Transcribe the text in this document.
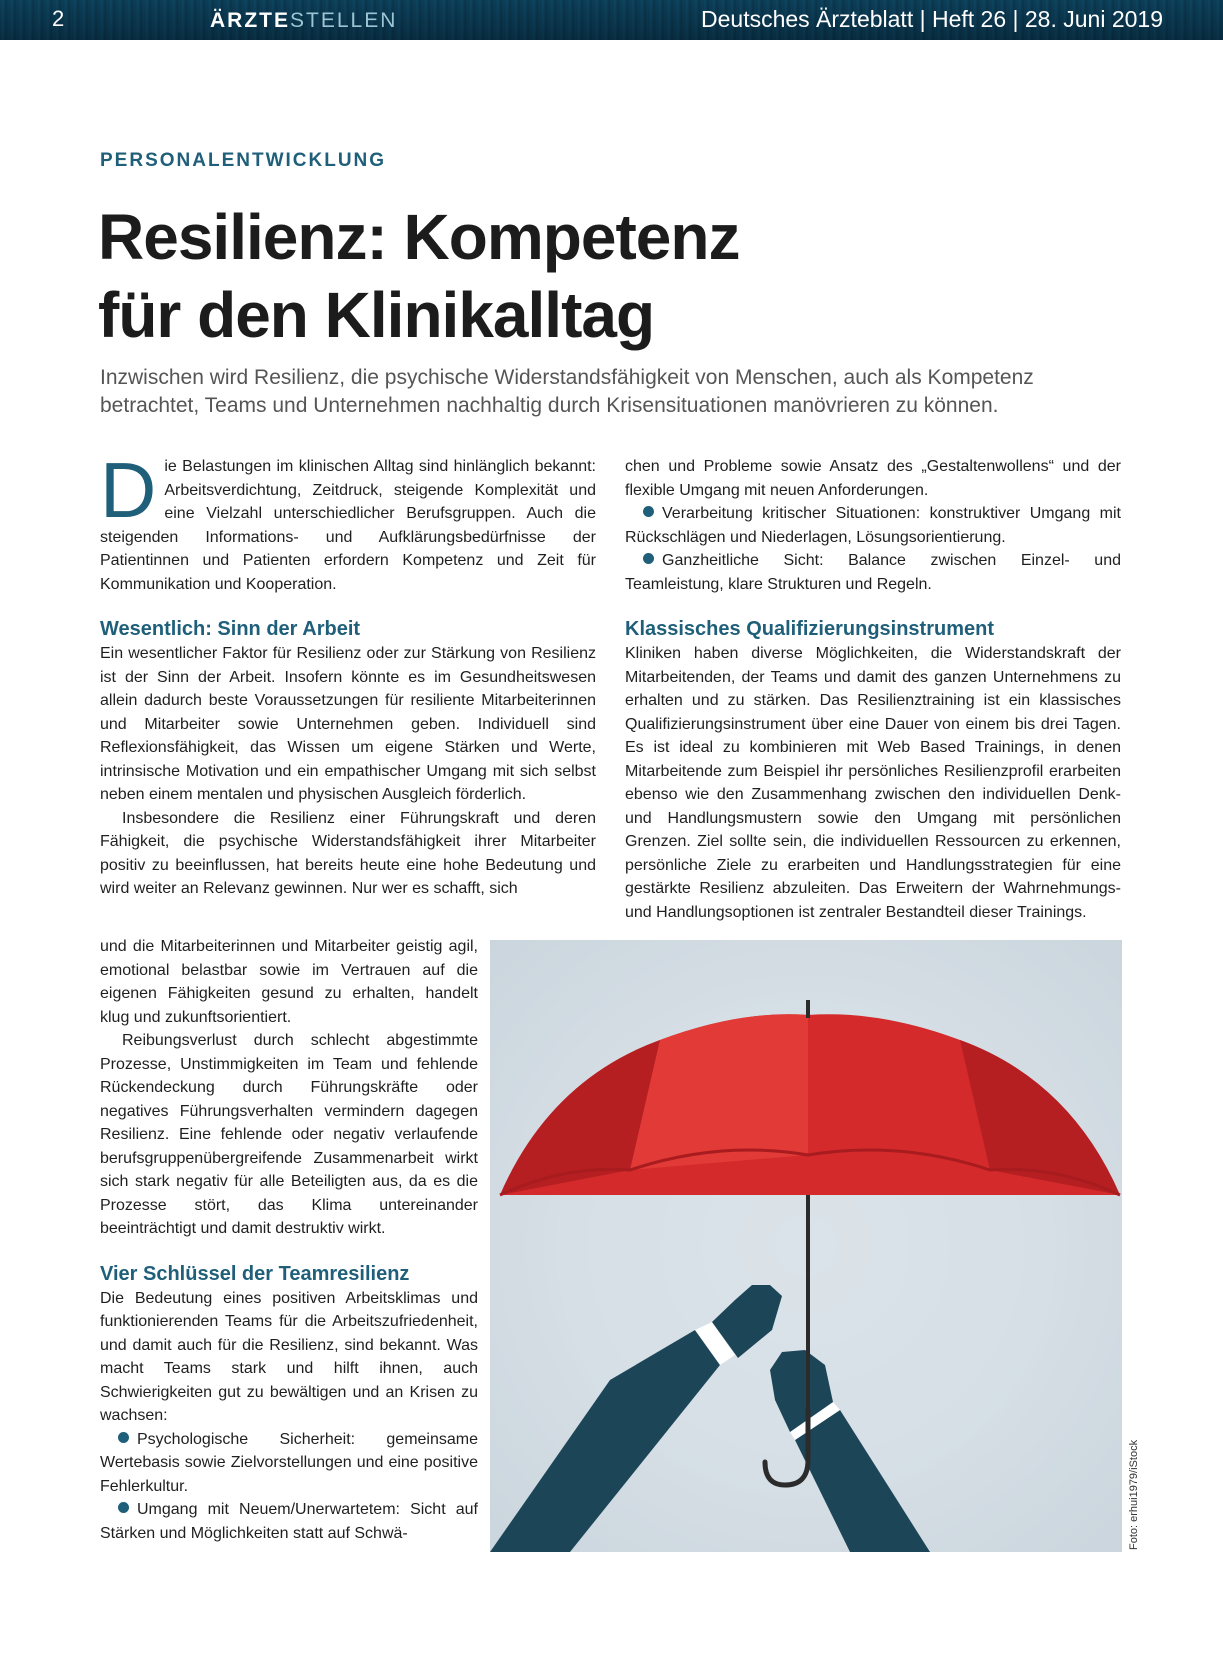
2	ÄRZTESTELLEN	Deutsches Ärzteblatt | Heft 26 | 28. Juni 2019
PERSONALENTWICKLUNG
Resilienz: Kompetenz
für den Klinikalltag
Inzwischen wird Resilienz, die psychische Widerstandsfähigkeit von Menschen, auch als Kompetenz betrachtet, Teams und Unternehmen nachhaltig durch Krisensituationen manövrieren zu können.

Die Belastungen im klinischen Alltag sind hinlänglich bekannt: Arbeitsverdichtung, Zeitdruck, steigende Komplexität und eine Vielzahl unterschiedlicher Berufsgruppen. Auch die steigenden Informations- und Aufklärungsbedürfnisse der Patientinnen und Patienten erfordern Kompetenz und Zeit für Kommunikation und Kooperation.

Wesentlich: Sinn der Arbeit

Ein wesentlicher Faktor für Resilienz oder zur Stärkung von Resilienz ist der Sinn der Arbeit. Insofern könnte es im Gesundheitswesen allein dadurch beste Voraussetzungen für resiliente Mitarbeiterinnen und Mitarbeiter sowie Unternehmen geben. Individuell sind Reflexionsfähigkeit, das Wissen um eigene Stärken und Werte, intrinsische Motivation und ein empathischer Umgang mit sich selbst neben einem mentalen und physischen Ausgleich förderlich.

Insbesondere die Resilienz einer Führungskraft und deren Fähigkeit, die psychische Widerstandsfähigkeit ihrer Mitarbeiter positiv zu beeinflussen, hat bereits heute eine hohe Bedeutung und wird weiter an Relevanz gewinnen. Nur wer es schafft, sich

chen und Probleme sowie Ansatz des „Gestaltenwollens“ und der flexible Umgang mit neuen Anforderungen.

Verarbeitung kritischer Situationen: konstruktiver Umgang mit Rückschlägen und Niederlagen, Lösungsorientierung.

Ganzheitliche Sicht: Balance zwischen Einzel- und Teamleistung, klare Strukturen und Regeln.

Klassisches Qualifizierungsinstrument

Kliniken haben diverse Möglichkeiten, die Widerstandskraft der Mitarbeitenden, der Teams und damit des ganzen Unternehmens zu erhalten und zu stärken. Das Resilienztraining ist ein klassisches Qualifizierungsinstrument über eine Dauer von einem bis drei Tagen. Es ist ideal zu kombinieren mit Web Based Trainings, in denen Mitarbeitende zum Beispiel ihr persönliches Resilienzprofil erarbeiten ebenso wie den Zusammenhang zwischen den individuellen Denk- und Handlungsmustern sowie den Umgang mit persönlichen Grenzen. Ziel sollte sein, die individuellen Ressourcen zu erkennen, persönliche Ziele zu erarbeiten und Handlungsstrategien für eine gestärkte Resilienz abzuleiten. Das Erweitern der Wahrnehmungs- und Handlungsoptionen ist zentraler Bestandteil dieser Trainings.

und die Mitarbeiterinnen und Mitarbeiter geistig agil, emotional belastbar sowie im Vertrauen auf die eigenen Fähigkeiten gesund zu erhalten, handelt klug und zukunftsorientiert.

Reibungsverlust durch schlecht abgestimmte Prozesse, Unstimmigkeiten im Team und fehlende Rückendeckung durch Führungskräfte oder negatives Führungsverhalten vermindern dagegen Resilienz. Eine fehlende oder negativ verlaufende berufsgruppenübergreifende Zusammenarbeit wirkt sich stark negativ für alle Beteiligten aus, da es die Prozesse stört, das Klima untereinander beeinträchtigt und damit destruktiv wirkt.

Vier Schlüssel der Teamresilienz

Die Bedeutung eines positiven Arbeitsklimas und funktionierenden Teams für die Arbeitszufriedenheit, und damit auch für die Resilienz, sind bekannt. Was macht Teams stark und hilft ihnen, auch Schwierigkeiten gut zu bewältigen und an Krisen zu wachsen:

Psychologische Sicherheit: gemeinsame Wertebasis sowie Zielvorstellungen und eine positive Fehlerkultur.

Umgang mit Neuem/Unerwartetem: Sicht auf Stärken und Möglichkeiten statt auf Schwä-	Foto: erhui1979/iStock
